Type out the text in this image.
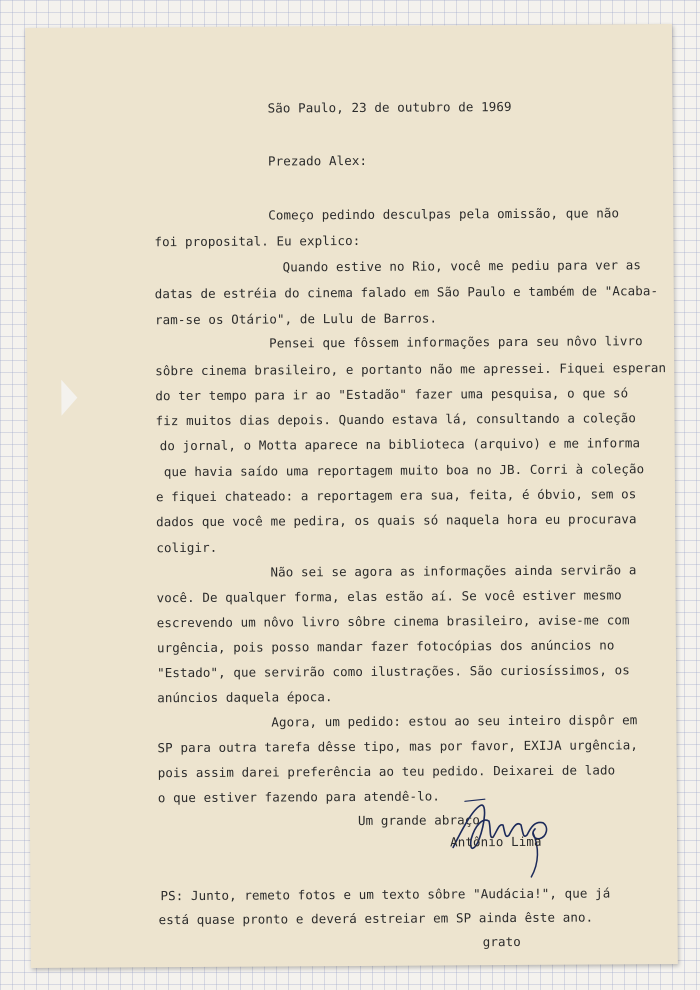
São Paulo, 23 de outubro de 1969
Prezado Alex:
Começo pedindo desculpas pela omissão, que não
foi proposital. Eu explico:
Quando estive no Rio, você me pediu para ver as
datas de estréia do cinema falado em São Paulo e também de "Acaba-
ram-se os Otário", de Lulu de Barros.
Pensei que fôssem informações para seu nôvo livro
sôbre cinema brasileiro, e portanto não me apressei. Fiquei esperan
do ter tempo para ir ao "Estadão" fazer uma pesquisa, o que só
fiz muitos dias depois. Quando estava lá, consultando a coleção
do jornal, o Motta aparece na biblioteca (arquivo) e me informa
que havia saído uma reportagem muito boa no JB. Corri à coleção
e fiquei chateado: a reportagem era sua, feita, é óbvio, sem os
dados que você me pedira, os quais só naquela hora eu procurava
coligir.
Não sei se agora as informações ainda servirão a
você. De qualquer forma, elas estão aí. Se você estiver mesmo
escrevendo um nôvo livro sôbre cinema brasileiro, avise-me com
urgência, pois posso mandar fazer fotocópias dos anúncios no
"Estado", que servirão como ilustrações. São curiosíssimos, os
anúncios daquela época.
Agora, um pedido: estou ao seu inteiro dispôr em
SP para outra tarefa dêsse tipo, mas por favor, EXIJA urgência,
pois assim darei preferência ao teu pedido. Deixarei de lado
o que estiver fazendo para atendê-lo.
Um grande abraço
Antônio Lima
PS: Junto, remeto fotos e um texto sôbre "Audácia!", que já
está quase pronto e deverá estreiar em SP ainda êste ano.
grato
